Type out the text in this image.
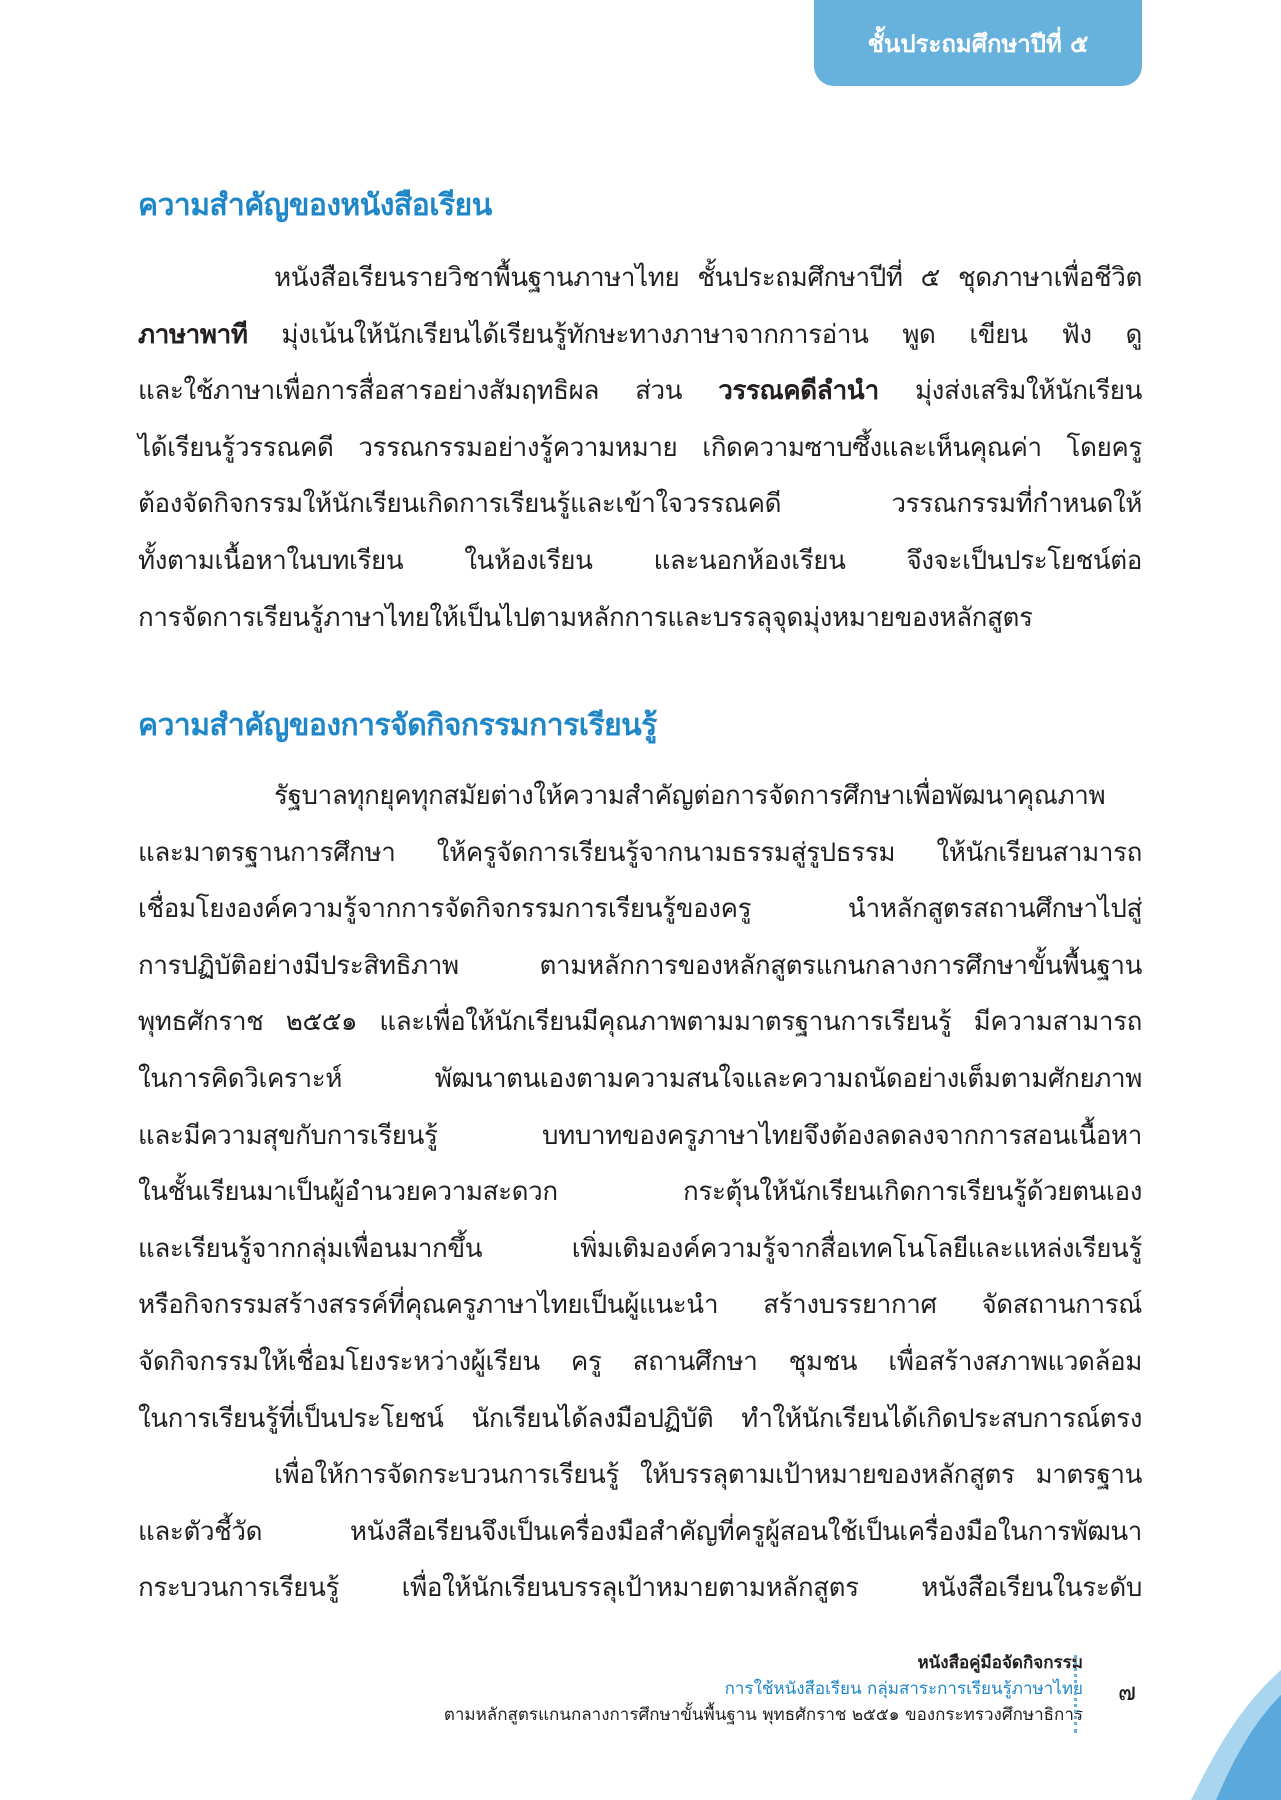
ชั้นประถมศึกษาปีที่ ๕
ความสำคัญของหนังสือเรียน
หนังสือเรียนรายวิชาพื้นฐานภาษาไทย ชั้นประถมศึกษาปีที่ ๕ ชุดภาษาเพื่อชีวิต
ภาษาพาที มุ่งเน้นให้นักเรียนได้เรียนรู้ทักษะทางภาษาจากการอ่าน พูด เขียน ฟัง ดู
และใช้ภาษาเพื่อการสื่อสารอย่างสัมฤทธิผล ส่วน วรรณคดีลำนำ มุ่งส่งเสริมให้นักเรียน
ได้เรียนรู้วรรณคดี วรรณกรรมอย่างรู้ความหมาย เกิดความซาบซึ้งและเห็นคุณค่า โดยครู
ต้องจัดกิจกรรมให้นักเรียนเกิดการเรียนรู้และเข้าใจวรรณคดี วรรณกรรมที่กำหนดให้
ทั้งตามเนื้อหาในบทเรียน ในห้องเรียน และนอกห้องเรียน จึงจะเป็นประโยชน์ต่อ
การจัดการเรียนรู้ภาษาไทยให้เป็นไปตามหลักการและบรรลุจุดมุ่งหมายของหลักสูตร
ความสำคัญของการจัดกิจกรรมการเรียนรู้
รัฐบาลทุกยุคทุกสมัยต่างให้ความสำคัญต่อการจัดการศึกษาเพื่อพัฒนาคุณภาพ
และมาตรฐานการศึกษา ให้ครูจัดการเรียนรู้จากนามธรรมสู่รูปธรรม ให้นักเรียนสามารถ
เชื่อมโยงองค์ความรู้จากการจัดกิจกรรมการเรียนรู้ของครู นำหลักสูตรสถานศึกษาไปสู่
การปฏิบัติอย่างมีประสิทธิภาพ ตามหลักการของหลักสูตรแกนกลางการศึกษาขั้นพื้นฐาน
พุทธศักราช ๒๕๕๑ และเพื่อให้นักเรียนมีคุณภาพตามมาตรฐานการเรียนรู้ มีความสามารถ
ในการคิดวิเคราะห์ พัฒนาตนเองตามความสนใจและความถนัดอย่างเต็มตามศักยภาพ
และมีความสุขกับการเรียนรู้ บทบาทของครูภาษาไทยจึงต้องลดลงจากการสอนเนื้อหา
ในชั้นเรียนมาเป็นผู้อำนวยความสะดวก กระตุ้นให้นักเรียนเกิดการเรียนรู้ด้วยตนเอง
และเรียนรู้จากกลุ่มเพื่อนมากขึ้น เพิ่มเติมองค์ความรู้จากสื่อเทคโนโลยีและแหล่งเรียนรู้
หรือกิจกรรมสร้างสรรค์ที่คุณครูภาษาไทยเป็นผู้แนะนำ สร้างบรรยากาศ จัดสถานการณ์
จัดกิจกรรมให้เชื่อมโยงระหว่างผู้เรียน ครู สถานศึกษา ชุมชน เพื่อสร้างสภาพแวดล้อม
ในการเรียนรู้ที่เป็นประโยชน์ นักเรียนได้ลงมือปฏิบัติ ทำให้นักเรียนได้เกิดประสบการณ์ตรง
เพื่อให้การจัดกระบวนการเรียนรู้ ให้บรรลุตามเป้าหมายของหลักสูตร มาตรฐาน
และตัวชี้วัด หนังสือเรียนจึงเป็นเครื่องมือสำคัญที่ครูผู้สอนใช้เป็นเครื่องมือในการพัฒนา
กระบวนการเรียนรู้ เพื่อให้นักเรียนบรรลุเป้าหมายตามหลักสูตร หนังสือเรียนในระดับ
หนังสือคู่มือจัดกิจกรรม
การใช้หนังสือเรียน กลุ่มสาระการเรียนรู้ภาษาไทย
ตามหลักสูตรแกนกลางการศึกษาขั้นพื้นฐาน พุทธศักราช ๒๕๕๑ ของกระทรวงศึกษาธิการ
๗
